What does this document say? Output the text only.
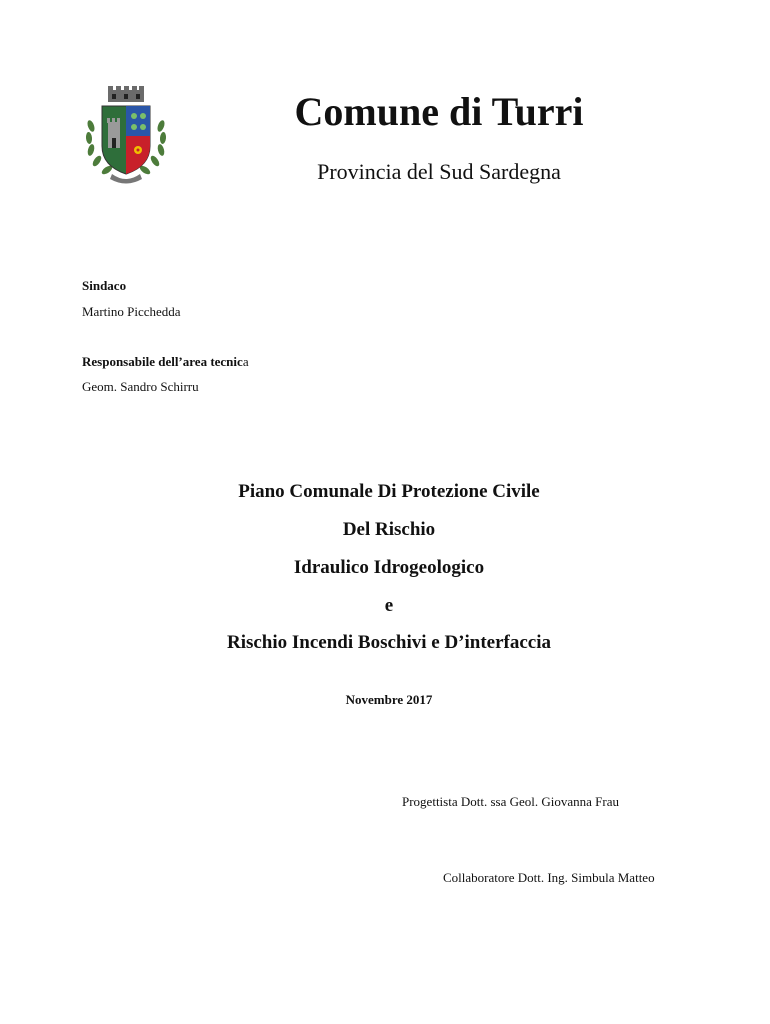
Comune di Turri
Provincia del Sud Sardegna
Sindaco
Martino Picchedda
Responsabile dell’area tecnica
Geom. Sandro Schirru
Piano Comunale Di Protezione Civile
Del Rischio
Idraulico Idrogeologico
e
Rischio Incendi Boschivi e D’interfaccia
Novembre 2017
Progettista Dott. ssa Geol. Giovanna Frau
Collaboratore Dott. Ing. Simbula Matteo
